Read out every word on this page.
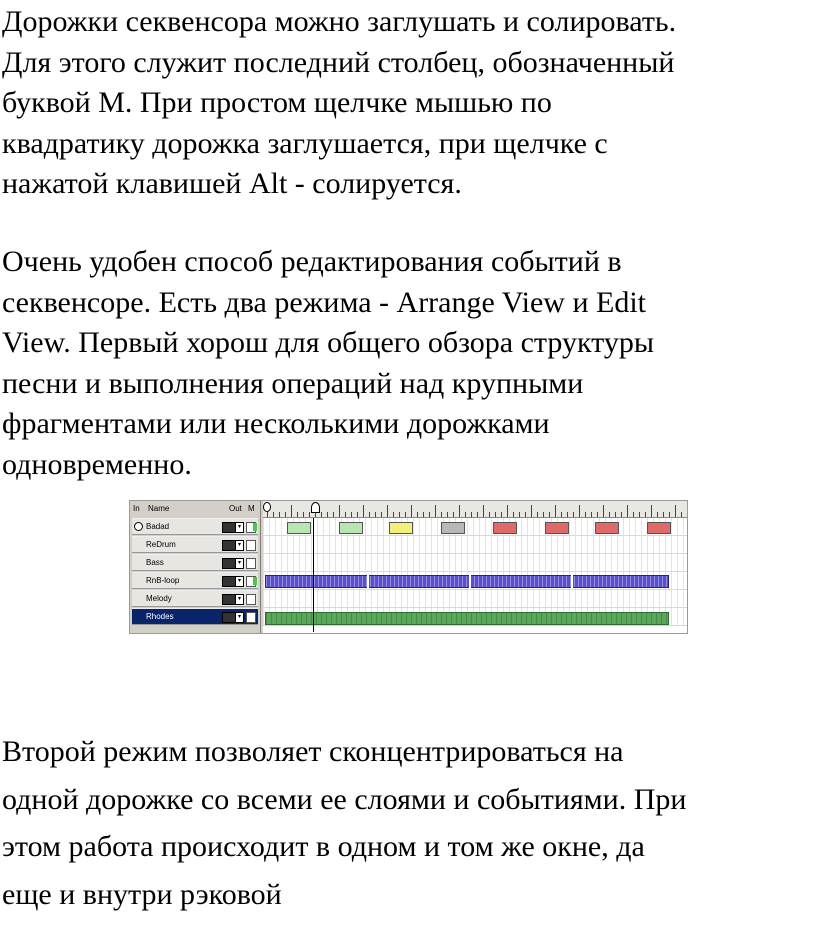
Дорожки секвенсора можно заглушать и солировать.
Для этого служит последний столбец, обозначенный
буквой М. При простом щелчке мышью по
квадратику дорожка заглушается, при щелчке с
нажатой клавишей Alt - солируется.
Очень удобен способ редактирования событий в
секвенсоре. Есть два режима - Arrange View и Edit
View. Первый хорош для общего обзора структуры
песни и выполнения операций над крупными
фрагментами или несколькими дорожками
одновременно.
In Name	Out M
Badad	▾
ReDrum	▾
Bass	▾
RnB-loop	▾
Melody	▾
Rhodes	▾
Второй режим позволяет сконцентрироваться на
одной дорожке со всеми ее слоями и событиями. При
этом работа происходит в одном и том же окне, да
еще и внутри рэковой
